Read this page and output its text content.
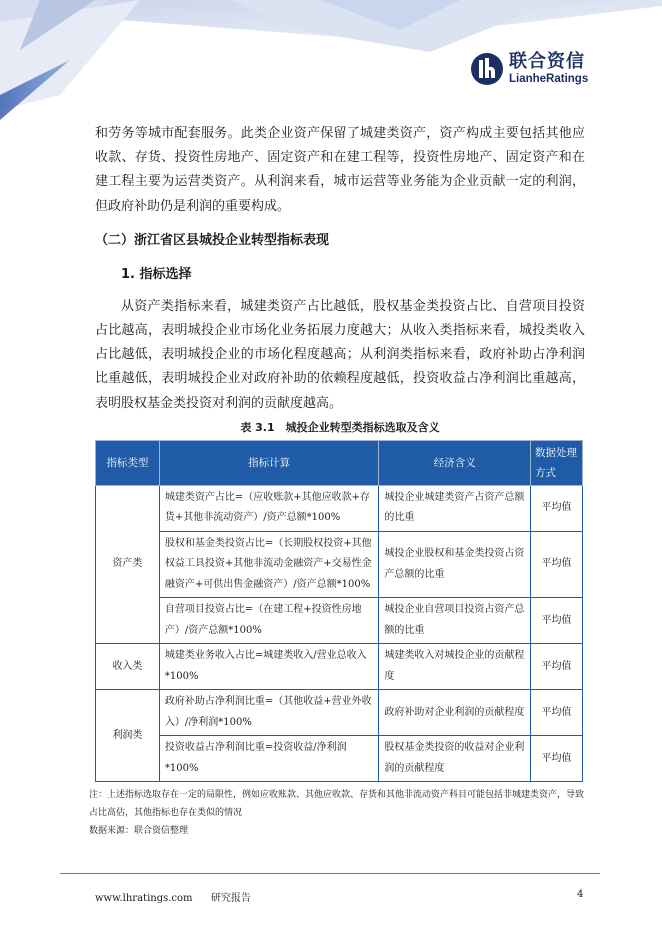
联合资信
LianheRatings

和劳务等城市配套服务。此类企业资产保留了城建类资产，资产构成主要包括其他应收款、存货、投资性房地产、固定资产和在建工程等，投资性房地产、固定资产和在建工程主要为运营类资产。从利润来看，城市运营等业务能为企业贡献一定的利润，但政府补助仍是利润的重要构成。

（二）浙江省区县城投企业转型指标表现
1. 指标选择

从资产类指标来看，城建类资产占比越低，股权基金类投资占比、自营项目投资占比越高，表明城投企业市场化业务拓展力度越大；从收入类指标来看，城投类收入占比越低，表明城投企业的市场化程度越高；从利润类指标来看，政府补助占净利润比重越低，表明城投企业对政府补助的依赖程度越低，投资收益占净利润比重越高，表明股权基金类投资对利润的贡献度越高。

表 3.1　城投企业转型类指标选取及含义
指标类型	指标计算	经济含义	数据处理方式
资产类	城建类资产占比=（应收账款+其他应收款+存货+其他非流动资产）/资产总额*100%	城投企业城建类资产占资产总额的比重	平均值
	股权和基金类投资占比=（长期股权投资+其他权益工具投资+其他非流动金融资产+交易性金融资产+可供出售金融资产）/资产总额*100%	城投企业股权和基金类投资占资产总额的比重	平均值
	自营项目投资占比=（在建工程+投资性房地产）/资产总额*100%	城投企业自营项目投资占资产总额的比重	平均值
收入类	城建类业务收入占比=城建类收入/营业总收入*100%	城建类收入对城投企业的贡献程度	平均值
利润类	政府补助占净利润比重=（其他收益+营业外收入）/净利润*100%	政府补助对企业利润的贡献程度	平均值
	投资收益占净利润比重=投资收益/净利润*100%	股权基金类投资的收益对企业利润的贡献程度	平均值
注：上述指标选取存在一定的局限性，例如应收账款、其他应收款、存货和其他非流动资产科目可能包括非城建类资产，导致占比高估，其他指标也存在类似的情况
数据来源：联合资信整理
www.lhratings.com 研究报告	4
